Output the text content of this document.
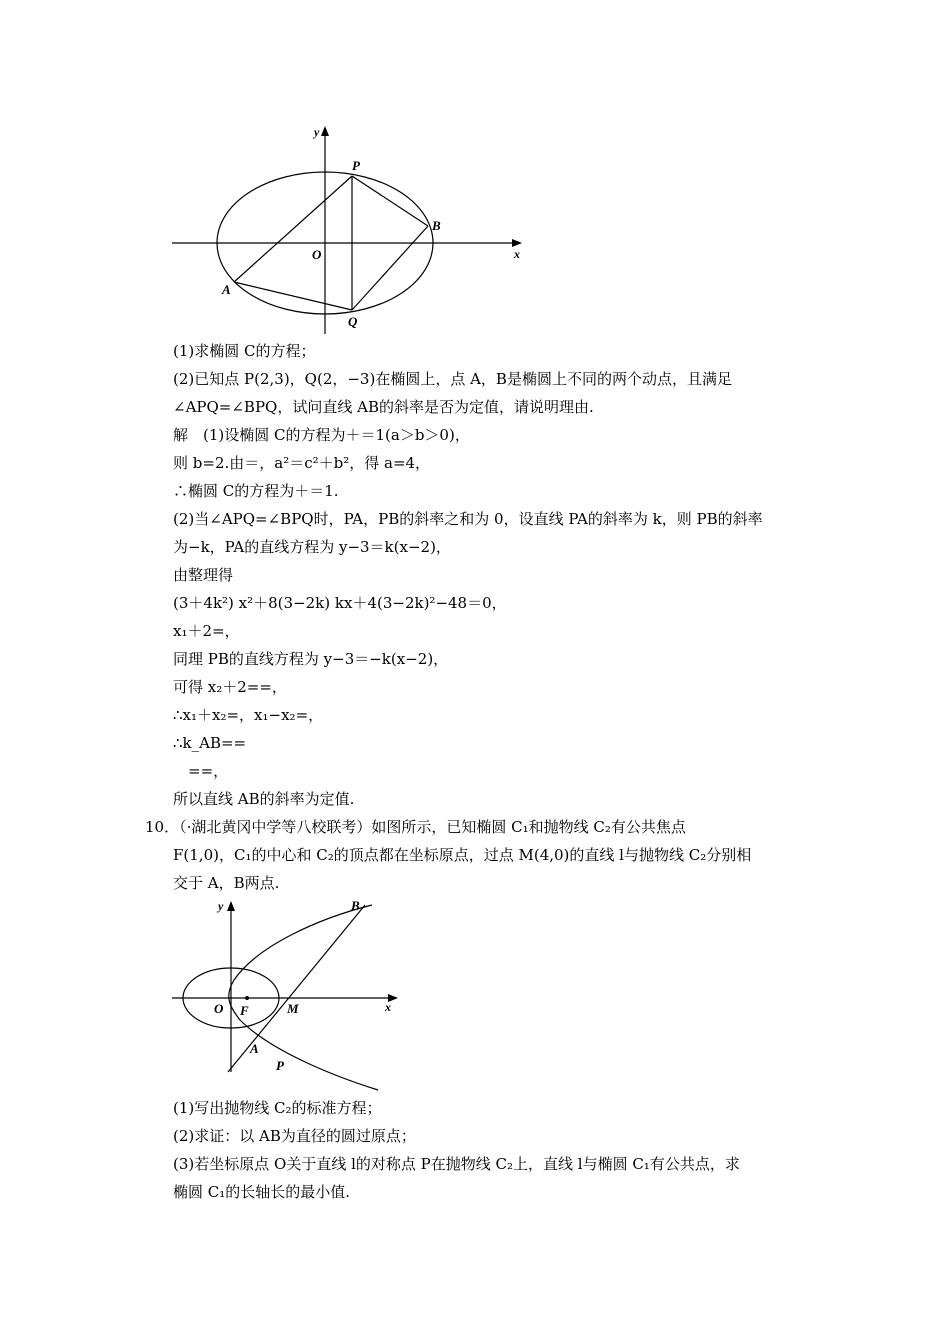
y
x
O
P
B
A
Q
(1)求椭圆 C的方程；
(2)已知点 P(2,3)，Q(2，−3)在椭圆上，点 A，B是椭圆上不同的两个动点，且满足
∠APQ=∠BPQ，试问直线 AB的斜率是否为定值，请说明理由.
解　(1)设椭圆 C的方程为＋＝1(a＞b＞0)，
则 b=2.由＝，a²＝c²＋b²，得 a=4，
∴椭圆 C的方程为＋＝1.
(2)当∠APQ=∠BPQ时，PA，PB的斜率之和为 0，设直线 PA的斜率为 k，则 PB的斜率
为−k，PA的直线方程为 y−3＝k(x−2)，
由整理得
(3＋4k²) x²＋8(3−2k) kx＋4(3−2k)²−48＝0，
x₁＋2=，
同理 PB的直线方程为 y−3＝−k(x−2)，
可得 x₂＋2==，
∴x₁＋x₂=，x₁−x₂=，
∴k_AB==
　==，
所以直线 AB的斜率为定值.
10．（·湖北黄冈中学等八校联考）如图所示，已知椭圆 C₁和抛物线 C₂有公共焦点
F(1,0)，C₁的中心和 C₂的顶点都在坐标原点，过点 M(4,0)的直线 l与抛物线 C₂分别相
交于 A，B两点.
y
x
O F	M
A
B
P
(1)写出抛物线 C₂的标准方程；
(2)求证：以 AB为直径的圆过原点；
(3)若坐标原点 O关于直线 l的对称点 P在抛物线 C₂上，直线 l与椭圆 C₁有公共点，求
椭圆 C₁的长轴长的最小值.
